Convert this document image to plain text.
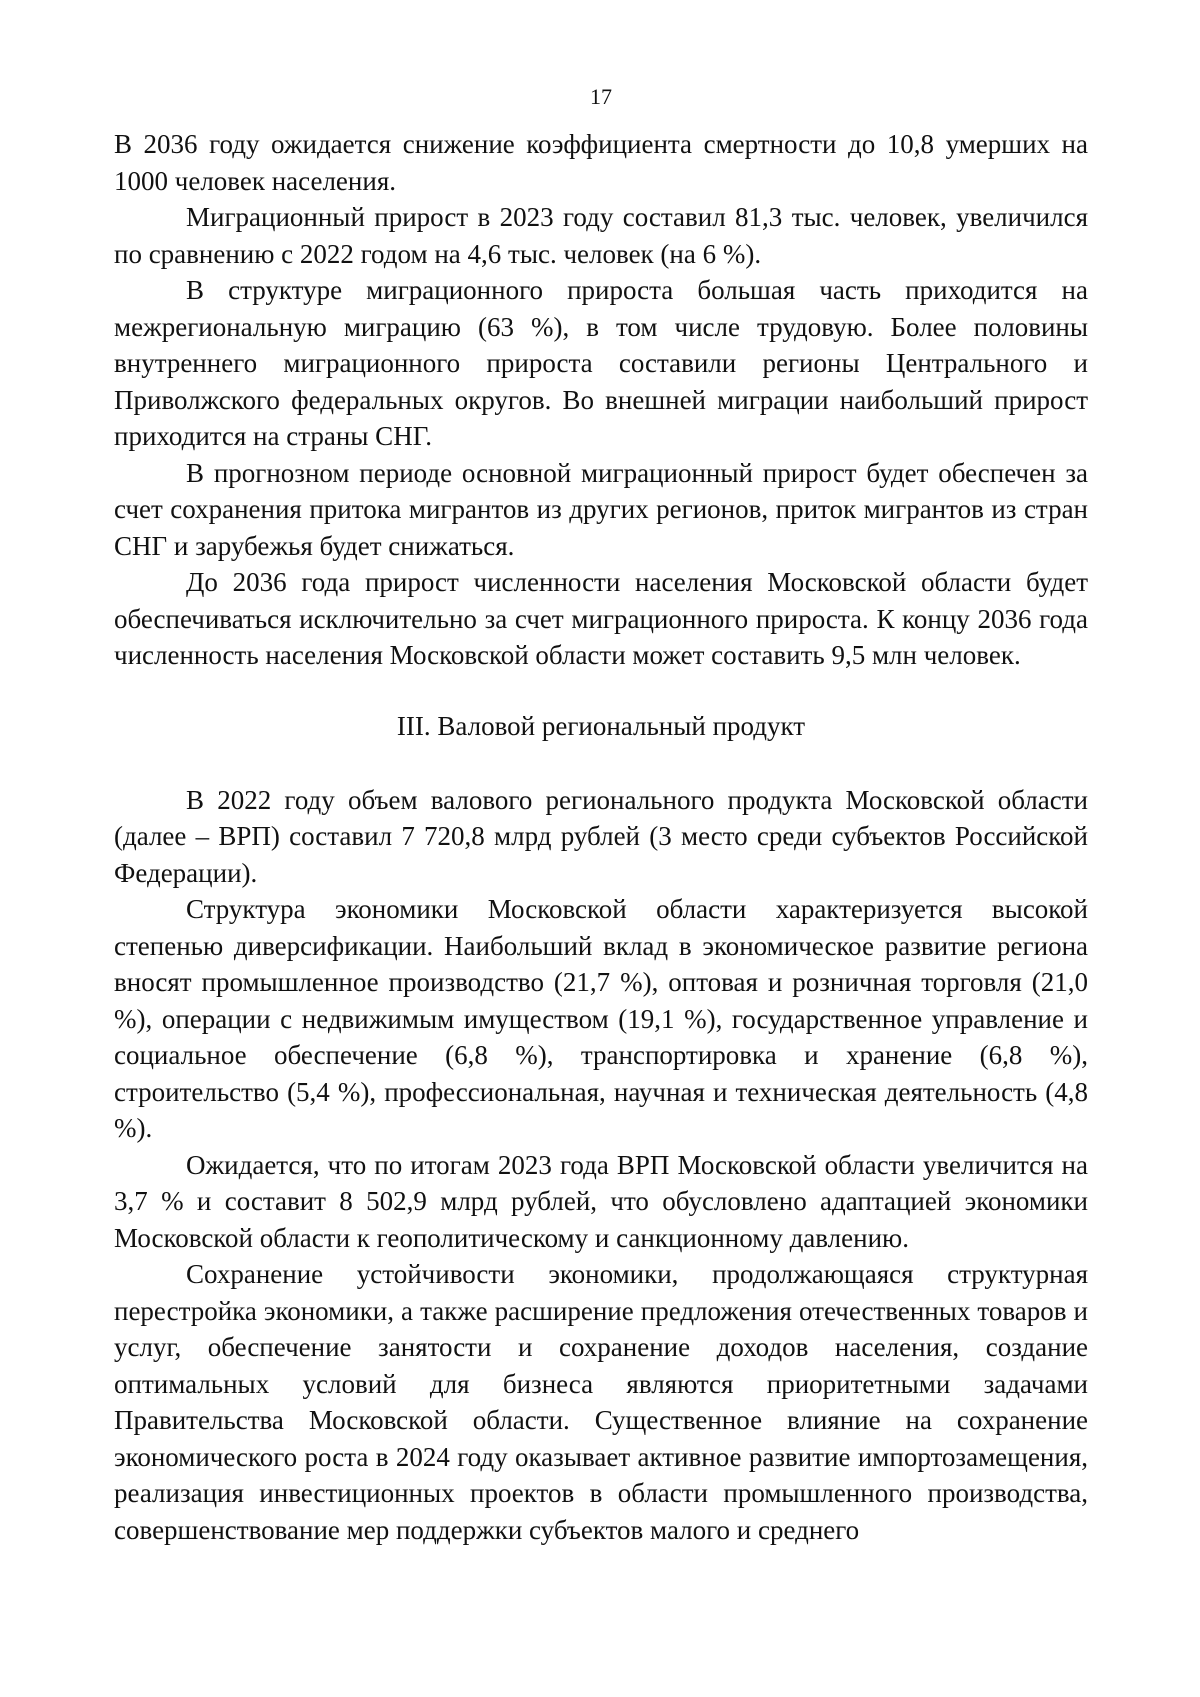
17

В 2036 году ожидается снижение коэффициента смертности до 10,8 умерших на 1000 человек населения.

Миграционный прирост в 2023 году составил 81,3 тыс. человек, увеличился по сравнению с 2022 годом на 4,6 тыс. человек (на 6 %).

В структуре миграционного прироста большая часть приходится на межрегиональную миграцию (63 %), в том числе трудовую. Более половины внутреннего миграционного прироста составили регионы Центрального и Приволжского федеральных округов. Во внешней миграции наибольший прирост приходится на страны СНГ.

В прогнозном периоде основной миграционный прирост будет обеспечен за счет сохранения притока мигрантов из других регионов, приток мигрантов из стран СНГ и зарубежья будет снижаться.

До 2036 года прирост численности населения Московской области будет обеспечиваться исключительно за счет миграционного прироста. К концу 2036 года численность населения Московской области может составить 9,5 млн человек.

III. Валовой региональный продукт

В 2022 году объем валового регионального продукта Московской области (далее – ВРП) составил 7 720,8 млрд рублей (3 место среди субъектов Российской Федерации).

Структура экономики Московской области характеризуется высокой степенью диверсификации. Наибольший вклад в экономическое развитие региона вносят промышленное производство (21,7 %), оптовая и розничная торговля (21,0 %), операции с недвижимым имуществом (19,1 %), государственное управление и социальное обеспечение (6,8 %), транспортировка и хранение (6,8 %), строительство (5,4 %), профессиональная, научная и техническая деятельность (4,8 %).

Ожидается, что по итогам 2023 года ВРП Московской области увеличится на 3,7 % и составит 8 502,9 млрд рублей, что обусловлено адаптацией экономики Московской области к геополитическому и санкционному давлению.

Сохранение устойчивости экономики, продолжающаяся структурная перестройка экономики, а также расширение предложения отечественных товаров и услуг, обеспечение занятости и сохранение доходов населения, создание оптимальных условий для бизнеса являются приоритетными задачами Правительства Московской области. Существенное влияние на сохранение экономического роста в 2024 году оказывает активное развитие импортозамещения, реализация инвестиционных проектов в области промышленного производства, совершенствование мер поддержки субъектов малого и среднего
